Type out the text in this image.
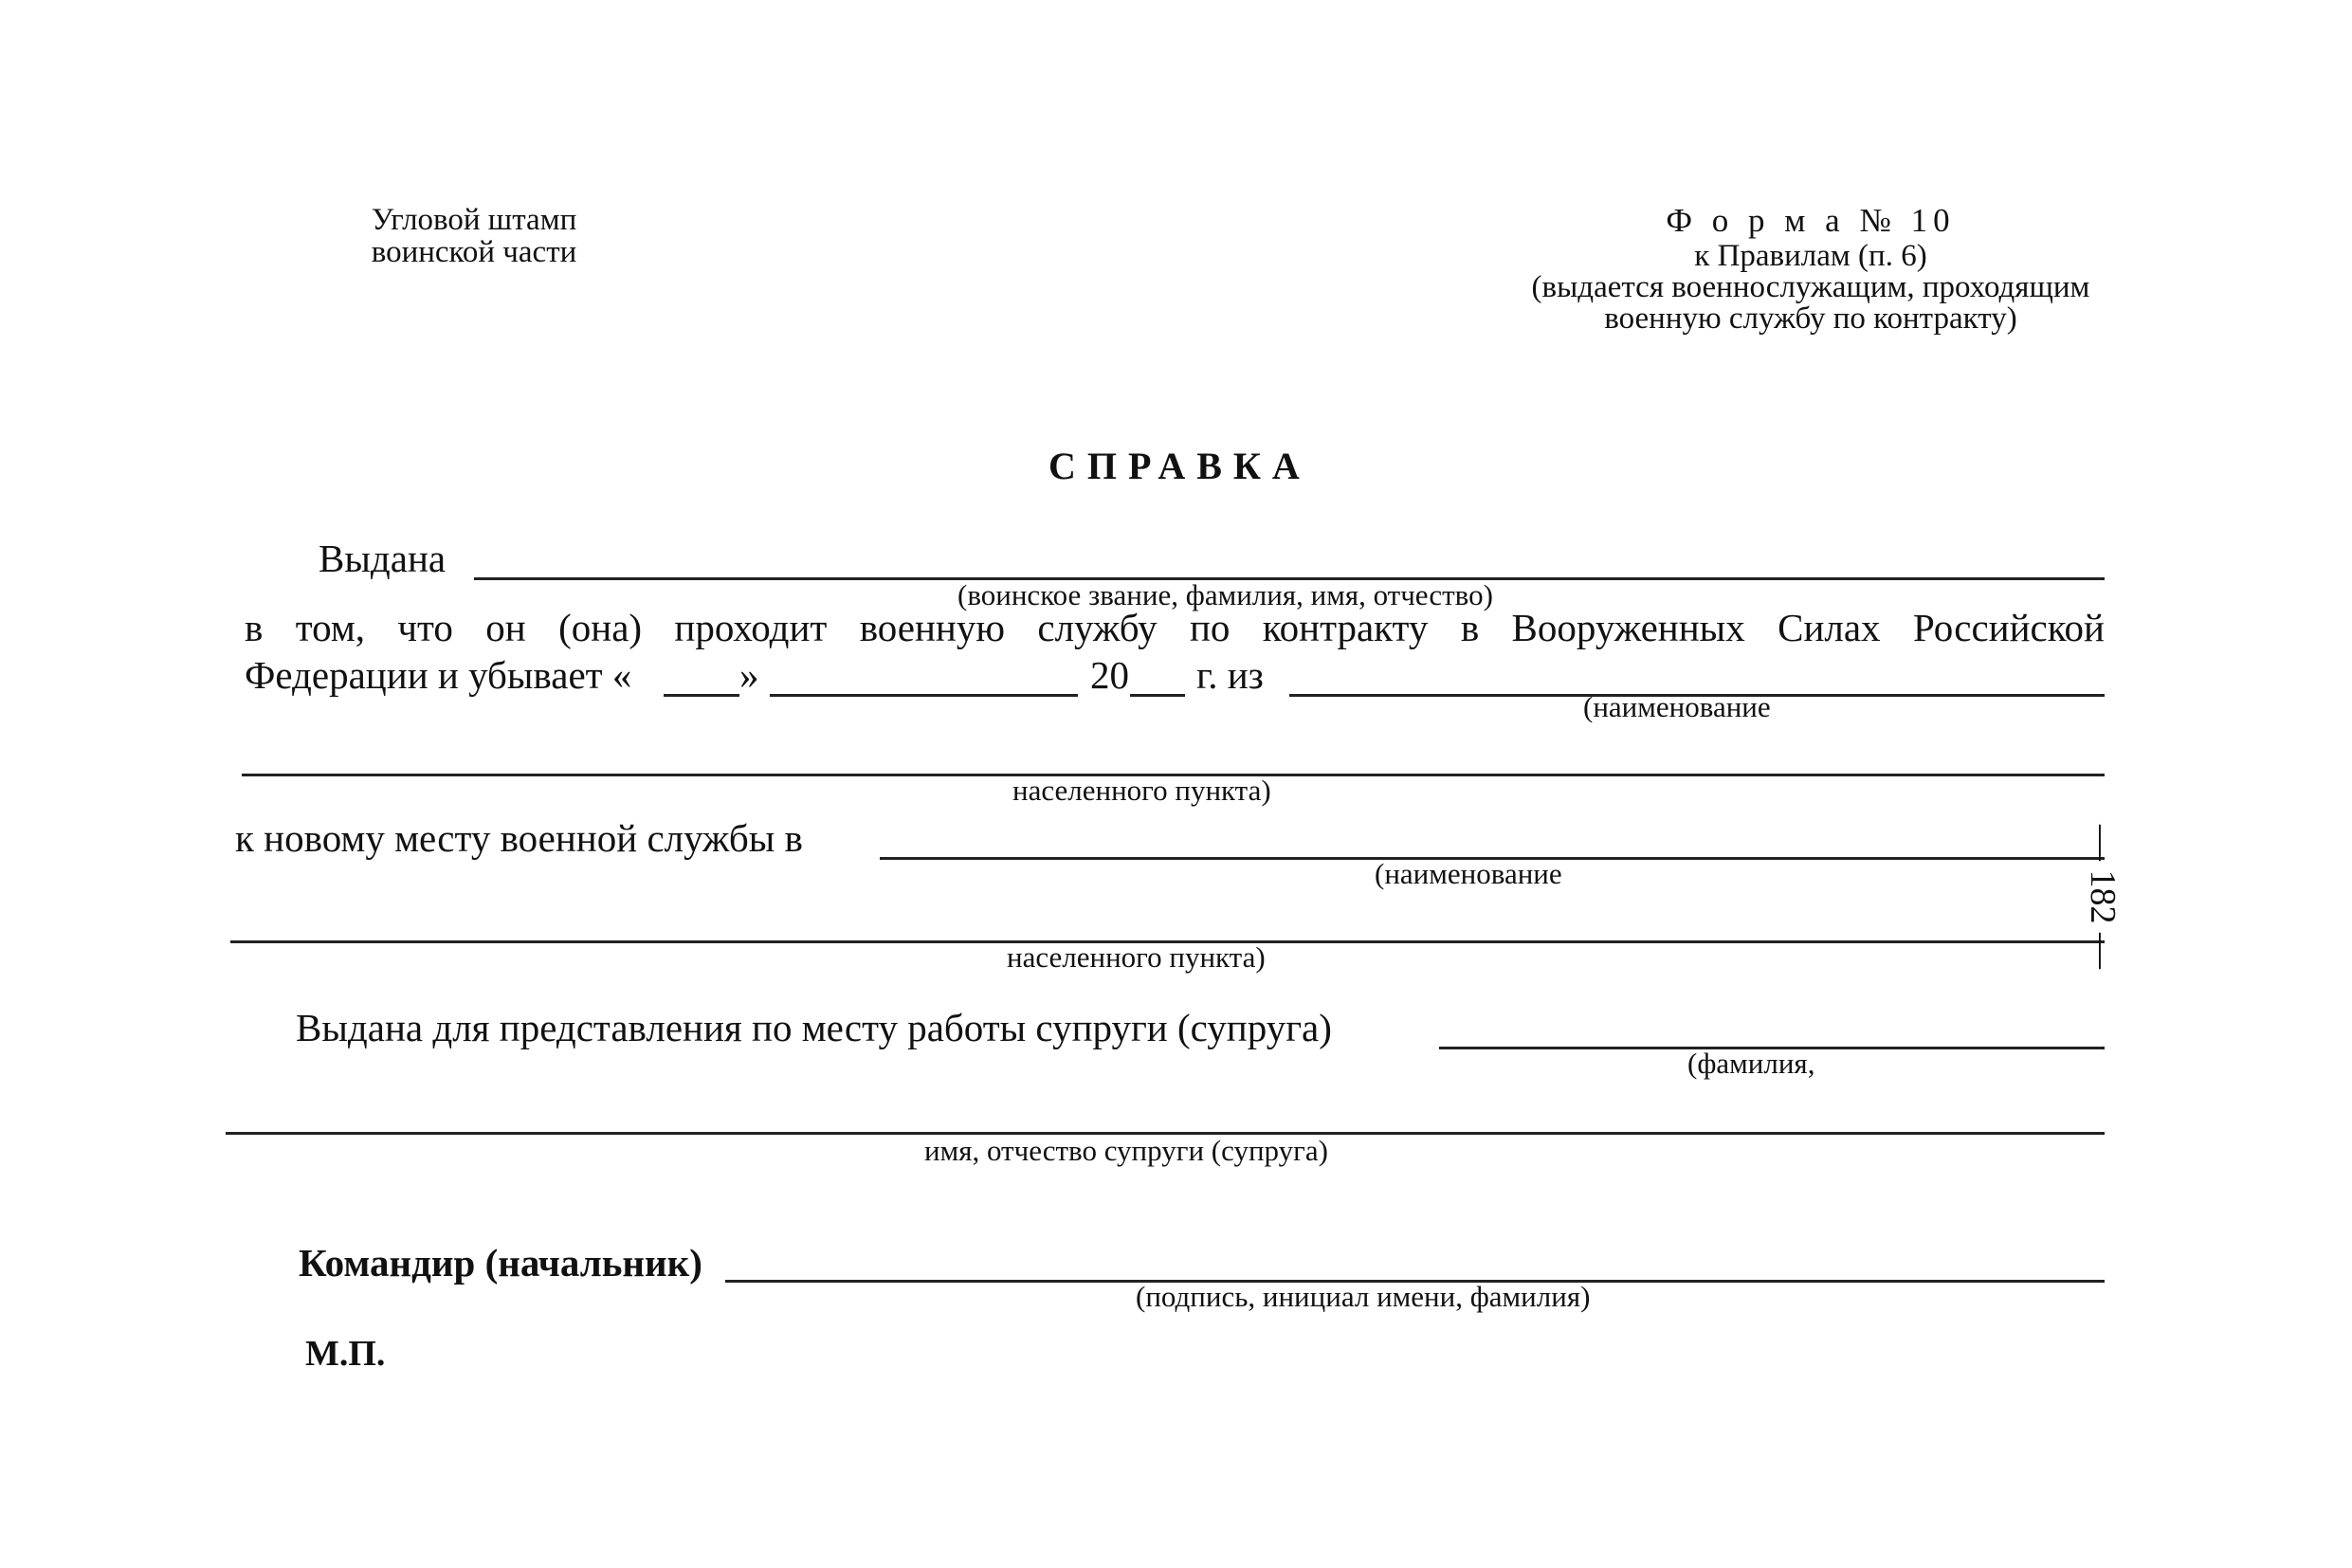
Угловой штамп
воинской части
Ф о р м а № 10
к Правилам (п. 6)
(выдается военнослужащим, проходящим
военную службу по контракту)
СПРАВКА
Выдана
(воинское звание, фамилия, имя, отчество)
в том, что он (она) проходит военную службу по контракту в Вооруженных Силах Российской
Федерации и убывает «	»	20 г. из
(наименование
населенного пункта)
к новому месту военной службы в
(наименование
населенного пункта)
Выдана для представления по месту работы супруги (супруга)
(фамилия,
имя, отчество супруги (супруга)
Командир (начальник)
(подпись, инициал имени, фамилия)
М.П.
— 182 —
